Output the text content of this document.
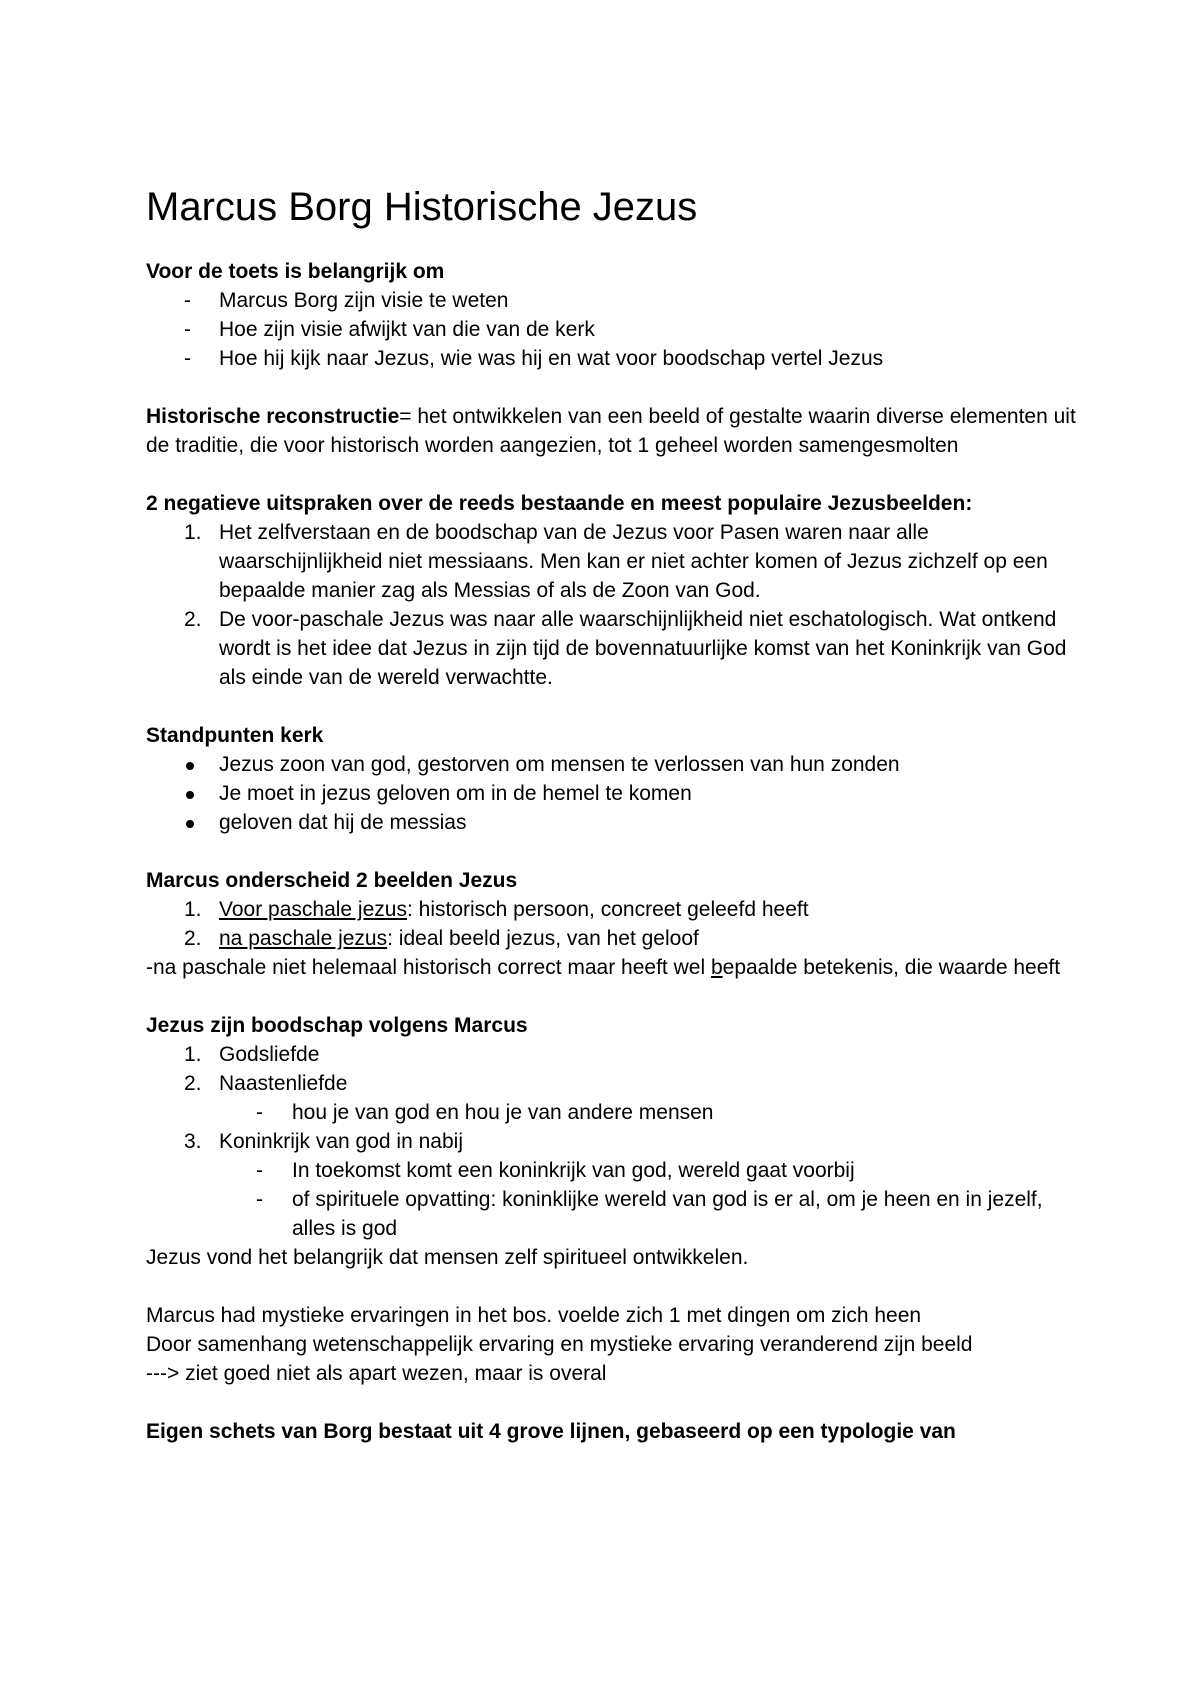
Marcus Borg Historische Jezus

Voor de toets is belangrijk om

- Marcus Borg zijn visie te weten
- Hoe zijn visie afwijkt van die van de kerk
- Hoe hij kijk naar Jezus, wie was hij en wat voor boodschap vertel Jezus

Historische reconstructie= het ontwikkelen van een beeld of gestalte waarin diverse elementen uit de traditie, die voor historisch worden aangezien, tot 1 geheel worden samengesmolten

2 negatieve uitspraken over de reeds bestaande en meest populaire Jezusbeelden:

1. Het zelfverstaan en de boodschap van de Jezus voor Pasen waren naar alle waarschijnlijkheid niet messiaans. Men kan er niet achter komen of Jezus zichzelf op een bepaalde manier zag als Messias of als de Zoon van God.
2. De voor-paschale Jezus was naar alle waarschijnlijkheid niet eschatologisch. Wat ontkend wordt is het idee dat Jezus in zijn tijd de bovennatuurlijke komst van het Koninkrijk van God als einde van de wereld verwachtte.

Standpunten kerk

Jezus zoon van god, gestorven om mensen te verlossen van hun zonden
Je moet in jezus geloven om in de hemel te komen
geloven dat hij de messias

Marcus onderscheid 2 beelden Jezus

1. Voor paschale jezus: historisch persoon, concreet geleefd heeft
2. na paschale jezus: ideal beeld jezus, van het geloof

-na paschale niet helemaal historisch correct maar heeft wel bepaalde betekenis, die waarde heeft

Jezus zijn boodschap volgens Marcus

1. Godsliefde
2. Naastenliefde
- hou je van god en hou je van andere mensen
3. Koninkrijk van god in nabij
- In toekomst komt een koninkrijk van god, wereld gaat voorbij
- of spirituele opvatting: koninklijke wereld van god is er al, om je heen en in jezelf, alles is god

Jezus vond het belangrijk dat mensen zelf spiritueel ontwikkelen.

Marcus had mystieke ervaringen in het bos. voelde zich 1 met dingen om zich heen

Door samenhang wetenschappelijk ervaring en mystieke ervaring veranderend zijn beeld

---> ziet goed niet als apart wezen, maar is overal

Eigen schets van Borg bestaat uit 4 grove lijnen, gebaseerd op een typologie van
